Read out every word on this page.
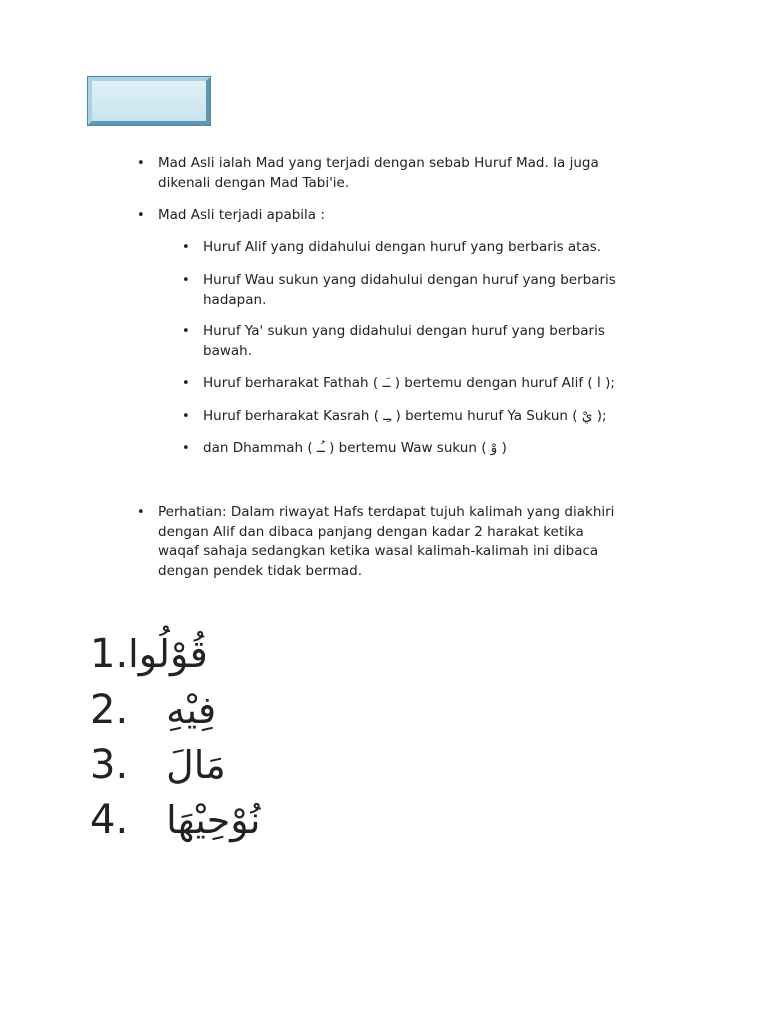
• Mad Asli ialah Mad yang terjadi dengan sebab Huruf Mad. Ia juga dikenali dengan Mad Tabi'ie.
• Mad Asli terjadi apabila :
• Huruf Alif yang didahului dengan huruf yang berbaris atas.
• Huruf Wau sukun yang didahului dengan huruf yang berbaris hadapan.
• Huruf Ya' sukun yang didahului dengan huruf yang berbaris bawah.
• Huruf berharakat Fathah ( ـَـ ) bertemu dengan huruf Alif ( ا );
• Huruf berharakat Kasrah ( ـِـ ) bertemu huruf Ya Sukun ( يْ );
• dan Dhammah ( ـُـ ) bertemu Waw sukun ( وْ )
• Perhatian: Dalam riwayat Hafs terdapat tujuh kalimah yang diakhiri dengan Alif dan dibaca panjang dengan kadar 2 harakat ketika waqaf sahaja sedangkan ketika wasal kalimah-kalimah ini dibaca dengan pendek tidak bermad.
1.قُوْلُوا
2. فِيْهِ
3. مَالَ
4. نُوْحِيْهَا
